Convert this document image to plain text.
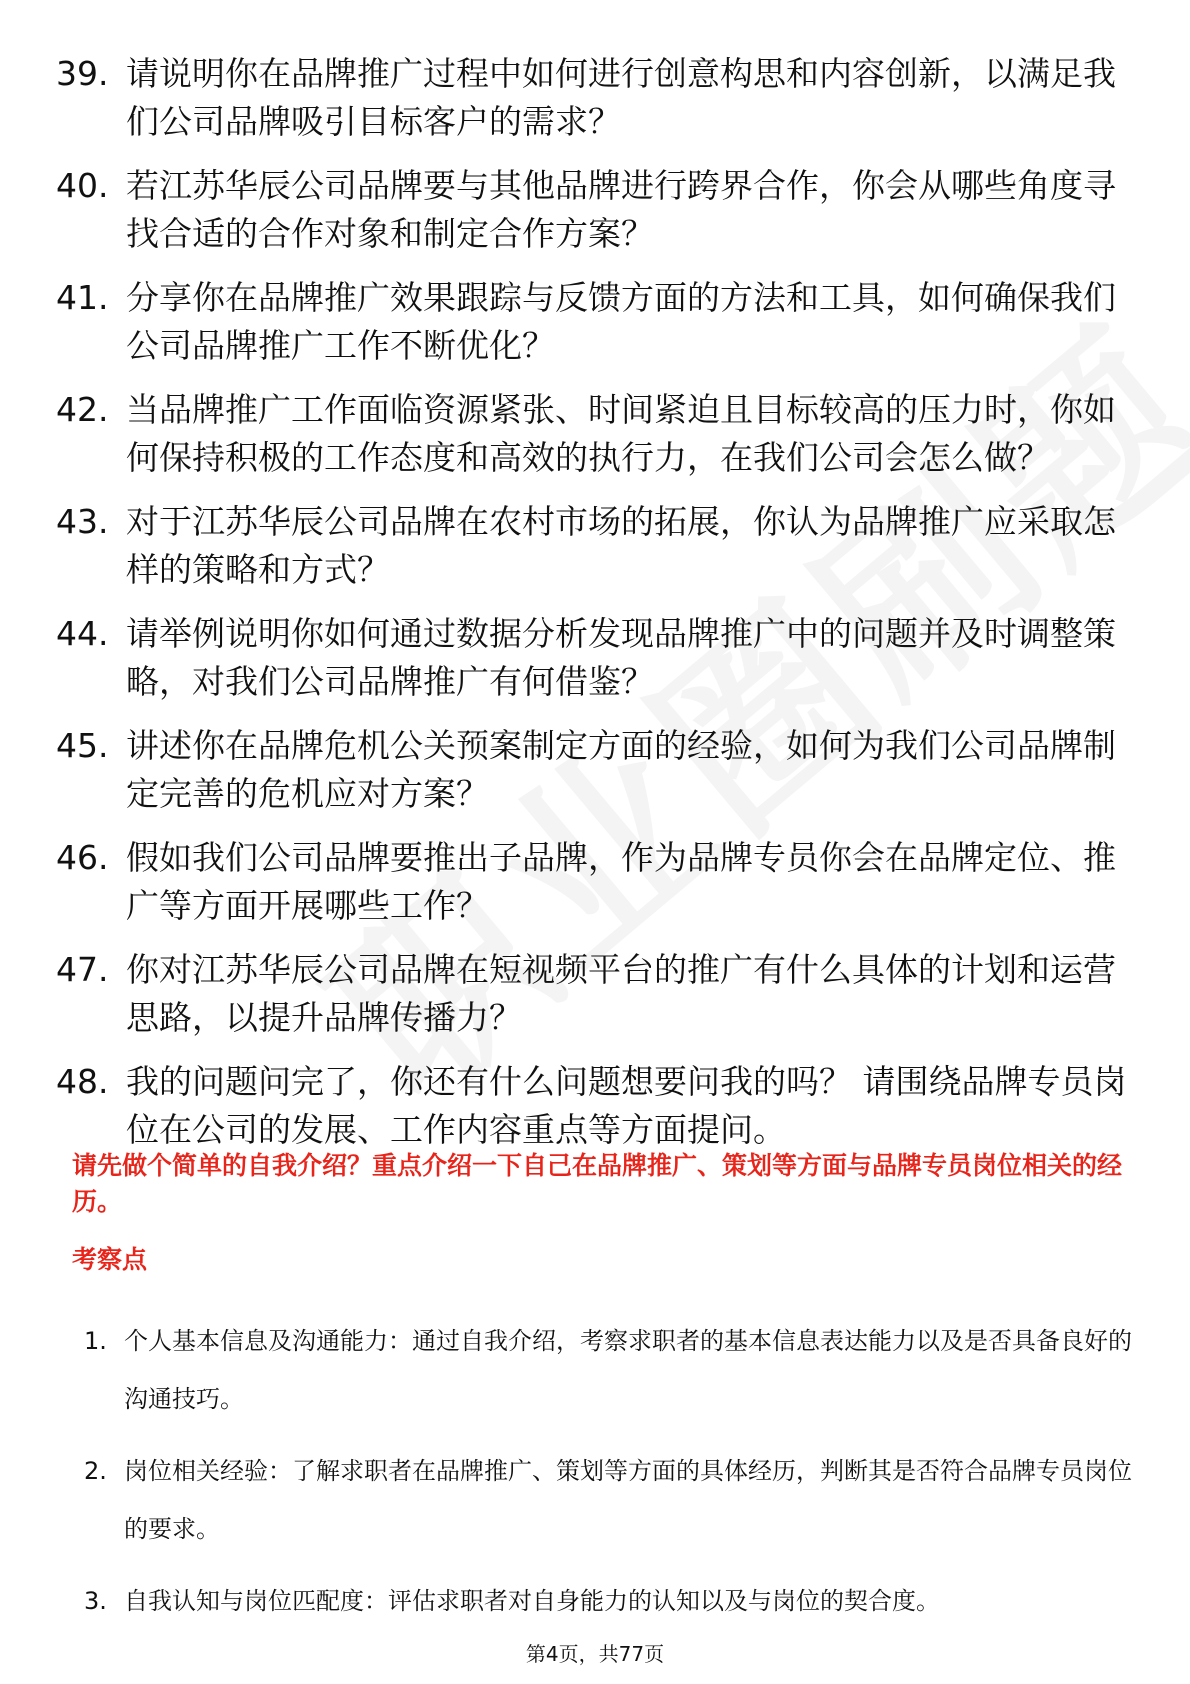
39. 请说明你在品牌推广过程中如何进行创意构思和内容创新，以满足我们公司品牌吸引目标客户的需求？
40. 若江苏华辰公司品牌要与其他品牌进行跨界合作，你会从哪些角度寻找合适的合作对象和制定合作方案？
41. 分享你在品牌推广效果跟踪与反馈方面的方法和工具，如何确保我们公司品牌推广工作不断优化？
42. 当品牌推广工作面临资源紧张、时间紧迫且目标较高的压力时，你如何保持积极的工作态度和高效的执行力，在我们公司会怎么做？
43. 对于江苏华辰公司品牌在农村市场的拓展，你认为品牌推广应采取怎样的策略和方式？
44. 请举例说明你如何通过数据分析发现品牌推广中的问题并及时调整策略，对我们公司品牌推广有何借鉴？
45. 讲述你在品牌危机公关预案制定方面的经验，如何为我们公司品牌制定完善的危机应对方案？
46. 假如我们公司品牌要推出子品牌，作为品牌专员你会在品牌定位、推广等方面开展哪些工作？
47. 你对江苏华辰公司品牌在短视频平台的推广有什么具体的计划和运营思路，以提升品牌传播力？
48. 我的问题问完了，你还有什么问题想要问我的吗？ 请围绕品牌专员岗位在公司的发展、工作内容重点等方面提问。
请先做个简单的自我介绍？重点介绍一下自己在品牌推广、策划等方面与品牌专员岗位相关的经历。
考察点
1. 个人基本信息及沟通能力：通过自我介绍，考察求职者的基本信息表达能力以及是否具备良好的沟通技巧。
2. 岗位相关经验：了解求职者在品牌推广、策划等方面的具体经历，判断其是否符合品牌专员岗位的要求。
3. 自我认知与岗位匹配度：评估求职者对自身能力的认知以及与岗位的契合度。
第4页，共77页
